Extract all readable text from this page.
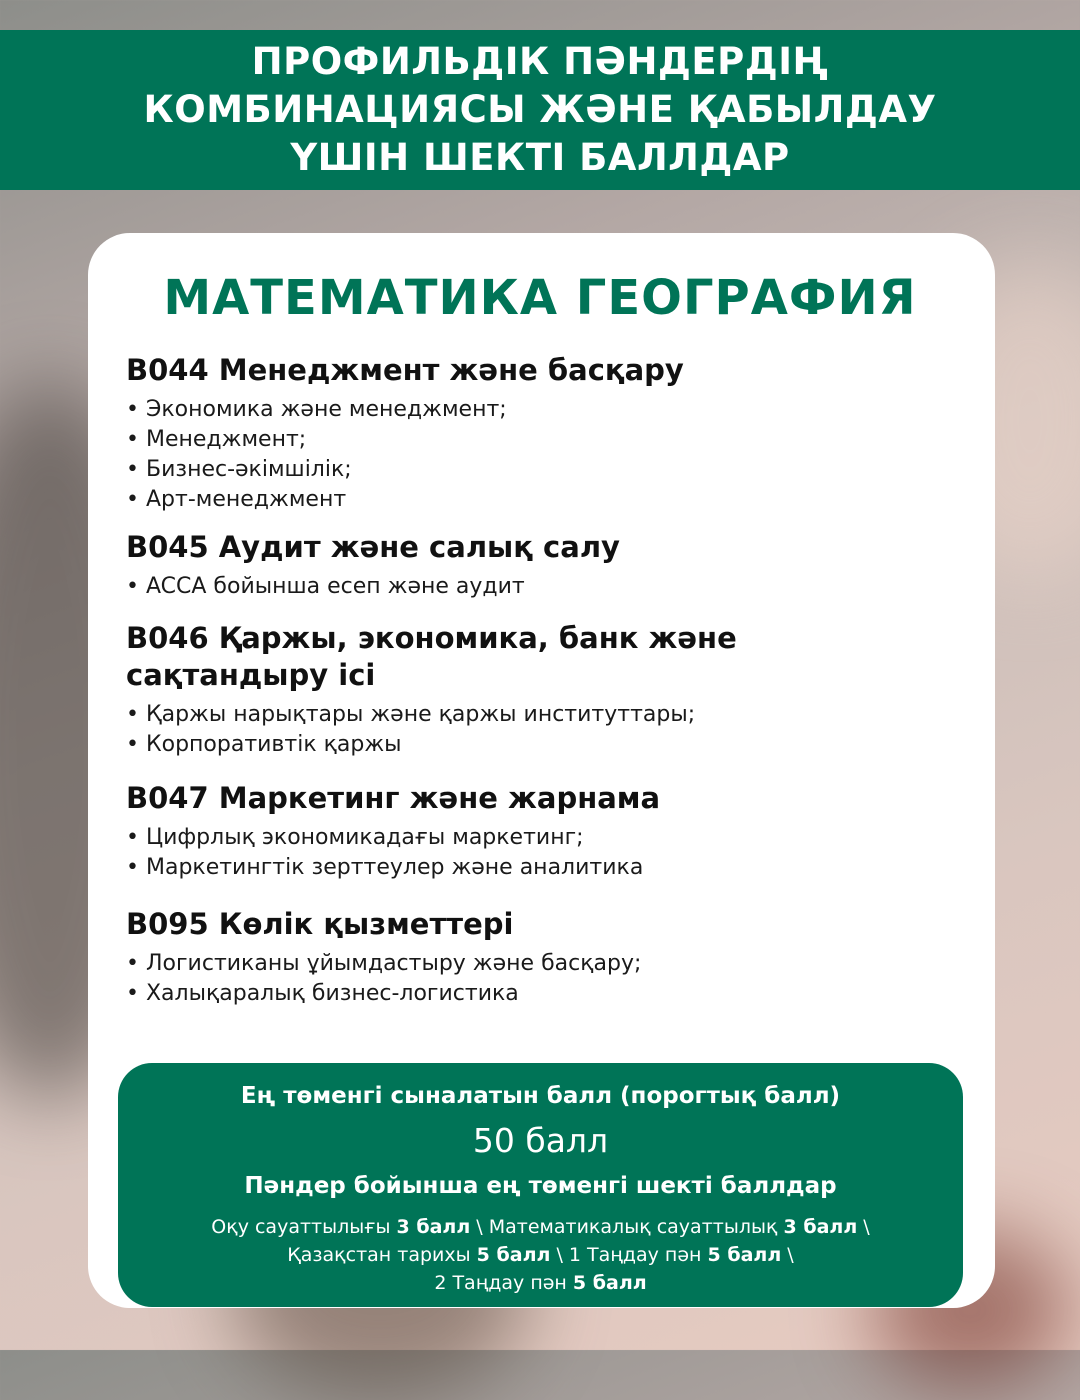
ПРОФИЛЬДІК ПӘНДЕРДІҢ КОМБИНАЦИЯСЫ ЖӘНЕ ҚАБЫЛДАУ ҮШІН ШЕКТІ БАЛЛДАР
МАТЕМАТИКА ГЕОГРАФИЯ
B044 Менеджмент және басқару
• Экономика және менеджмент;
• Менеджмент;
• Бизнес-әкімшілік;
• Арт-менеджмент
B045 Аудит және салық салу
• ACCA бойынша есеп және аудит
B046 Қаржы, экономика, банк және сақтандыру ісі
• Қаржы нарықтары және қаржы институттары;
• Корпоративтік қаржы
B047 Маркетинг және жарнама
• Цифрлық экономикадағы маркетинг;
• Маркетингтік зерттеулер және аналитика
B095 Көлік қызметтері
• Логистиканы ұйымдастыру және басқару;
• Халықаралық бизнес-логистика
Ең төменгі сыналатын балл (порогтық балл)
50 балл
Пәндер бойынша ең төменгі шекті баллдар
Оқу сауаттылығы 3 балл \ Математикалық сауаттылық 3 балл \
Қазақстан тарихы 5 балл \ 1 Таңдау пән 5 балл \
2 Таңдау пән 5 балл
